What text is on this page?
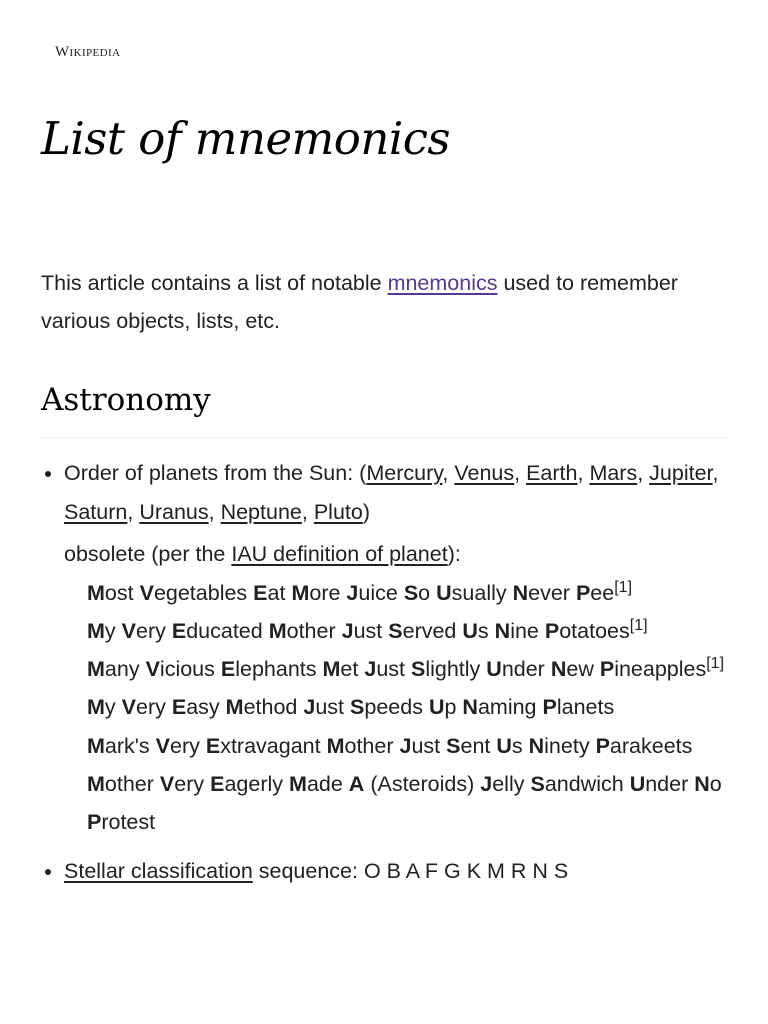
Wikipedia
List of mnemonics

This article contains a list of notable mnemonics used to remember various objects, lists, etc.

Astronomy
Order of planets from the Sun: (Mercury, Venus, Earth, Mars, Jupiter, Saturn, Uranus, Neptune, Pluto)
obsolete (per the IAU definition of planet):
Most Vegetables Eat More Juice So Usually Never Pee[1]
My Very Educated Mother Just Served Us Nine Potatoes[1]
Many Vicious Elephants Met Just Slightly Under New Pineapples[1]
My Very Easy Method Just Speeds Up Naming Planets
Mark's Very Extravagant Mother Just Sent Us Ninety Parakeets
Mother Very Eagerly Made A (Asteroids) Jelly Sandwich Under No Protest
Stellar classification sequence: O B A F G K M R N S
